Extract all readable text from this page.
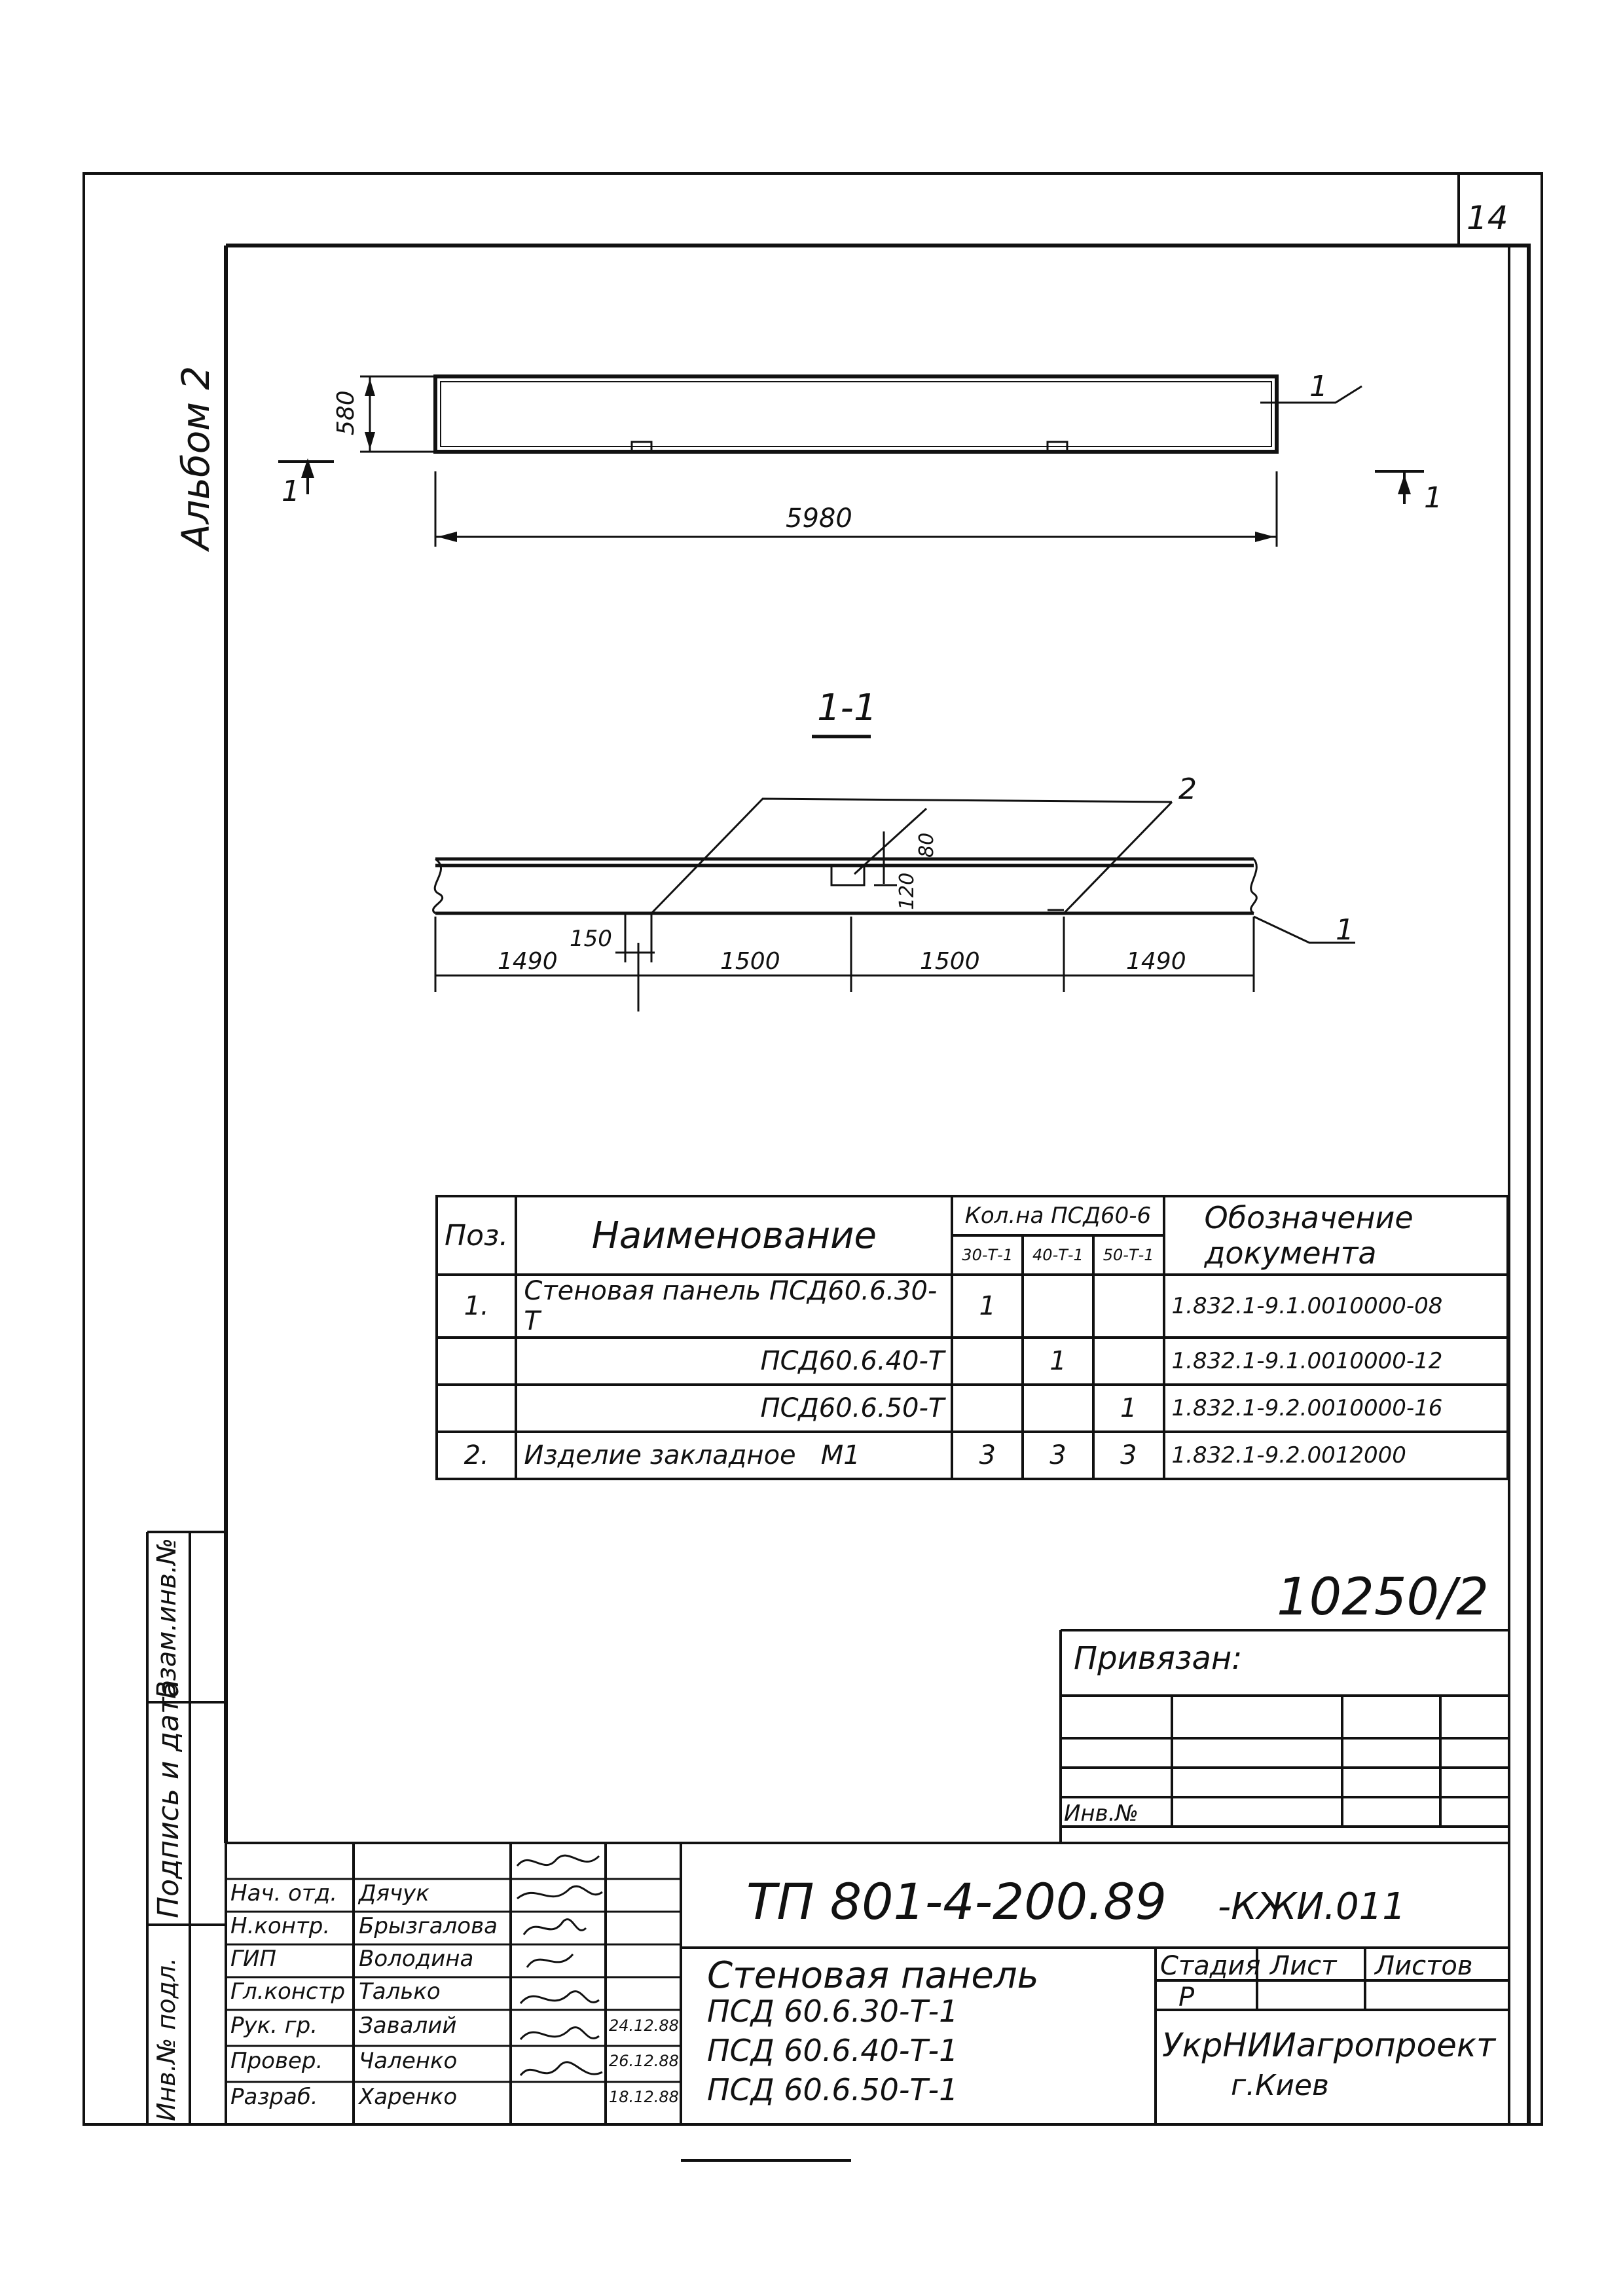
14
580
5980
1	1
1
1-1
2
1
150
80
120
1490	1500	1500	1490
Альбом 2
Поз.	Наименование	Кол.на ПСД60-6			Обозначение документа
		30-Т-1	40-Т-1	50-Т-1	
1.	Стеновая панель ПСД60.6.30-Т	1			1.832.1-9.1.0010000-08
	ПСД60.6.40-Т		1		1.832.1-9.1.0010000-12
	ПСД60.6.50-Т			1	1.832.1-9.2.0010000-16
2.	Изделие закладное   М1	3	3	3	1.832.1-9.2.0012000
10250/2
Привязан:
Инв.№
Инв.№ подл.
Подпись и дата
Взам.инв.№
Нач. отд. Дячук
Н.контр. Брызгалова
ГИП	Володина
Гл.констр Талько
Рук. гр. Завалий	24.12.88
Провер. Чаленко	26.12.88
Разраб. Харенко	18.12.88
ТП 801-4-200.89 -КЖИ.011
Стеновая панель
ПСД 60.6.30-Т-1
ПСД 60.6.40-Т-1
ПСД 60.6.50-Т-1
Стадия Лист Листов
Р
УкрНИИагропроект
г.Киев
